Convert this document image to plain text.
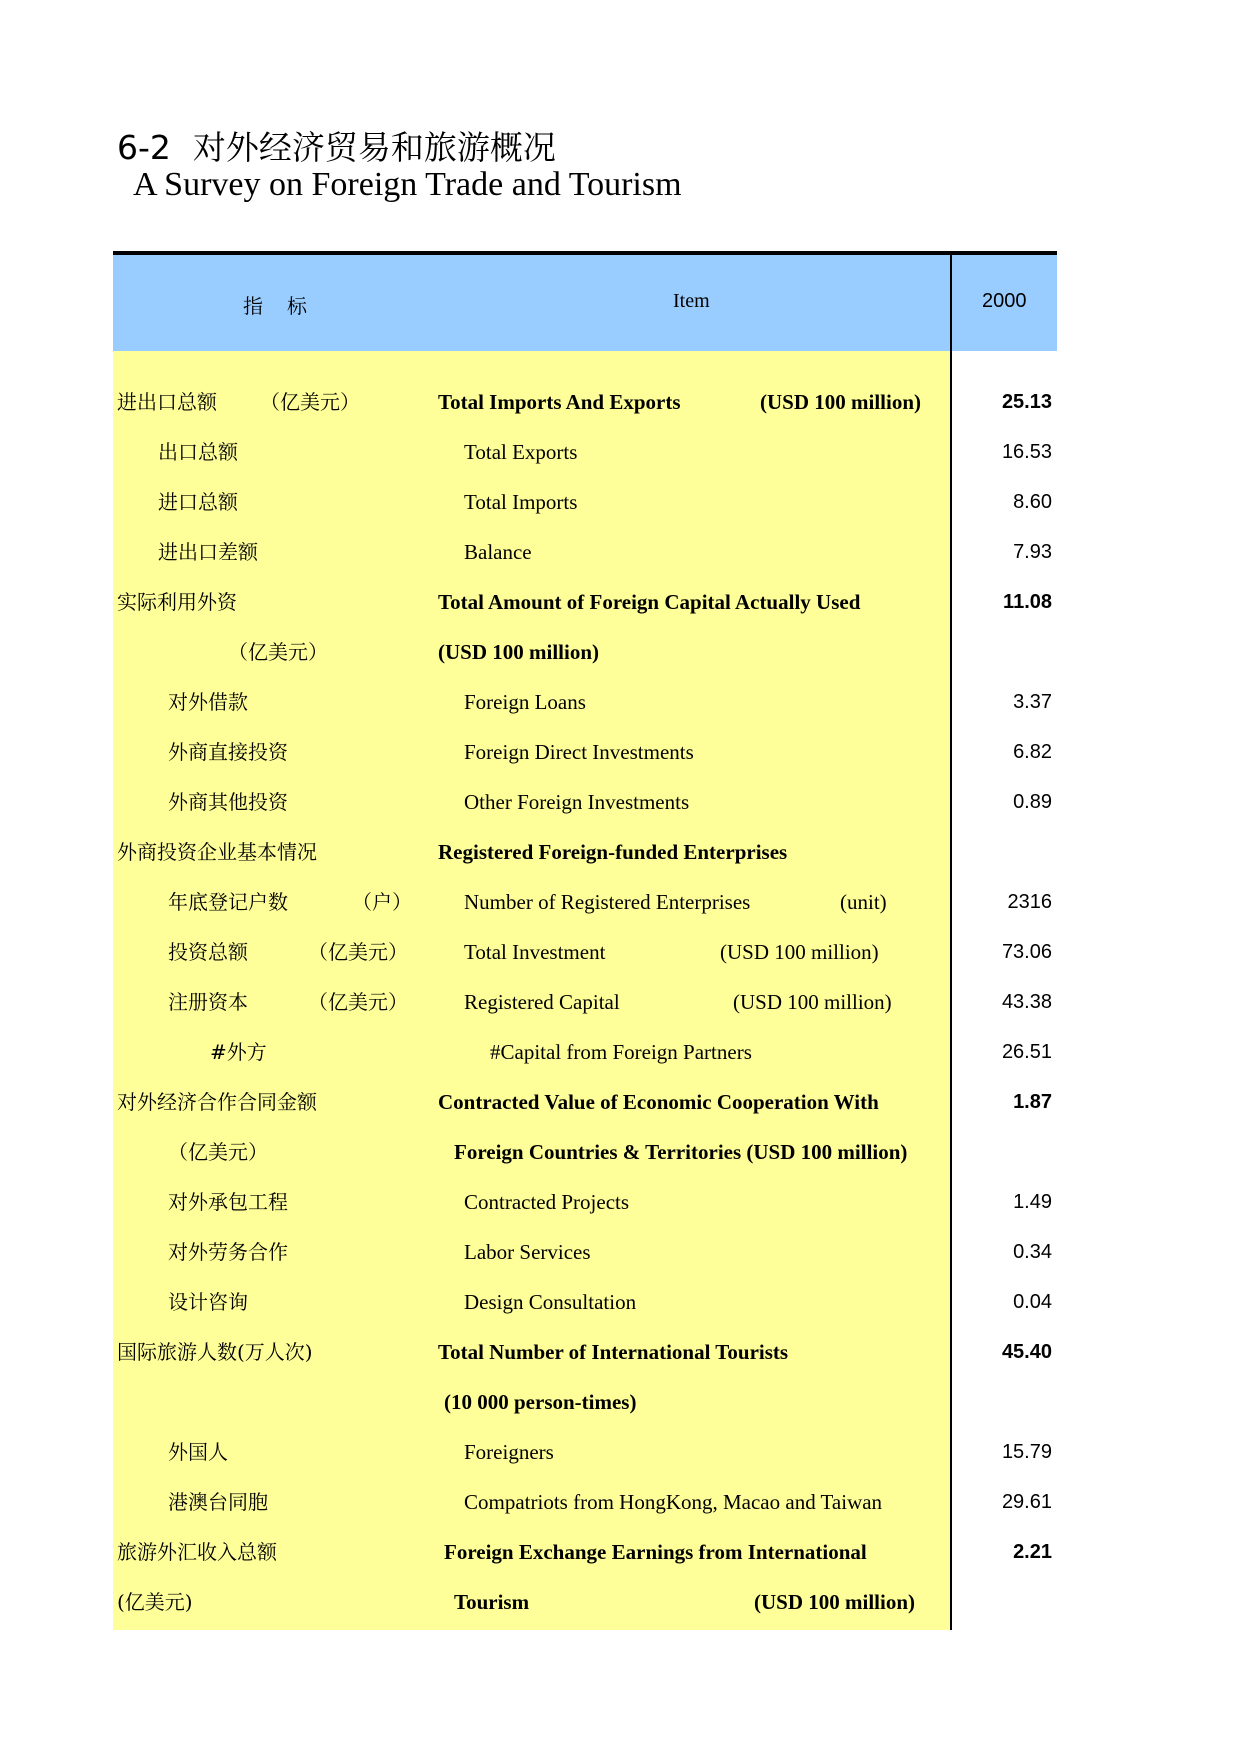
6-2 对外经济贸易和旅游概况
A Survey on Foreign Trade and Tourism
指　标	Item	2000
进出口总额 （亿美元）	Total Imports And Exports	(USD 100 million)	25.13
出口总额	Total Exports	16.53
进口总额	Total Imports	8.60
进出口差额	Balance	7.93
实际利用外资	Total Amount of Foreign Capital Actually Used	11.08
（亿美元）	(USD 100 million)
对外借款	Foreign Loans	3.37
外商直接投资	Foreign Direct Investments	6.82
外商其他投资	Other Foreign Investments	0.89
外商投资企业基本情况	Registered Foreign-funded Enterprises
年底登记户数	（户） Number of Registered Enterprises	(unit)	2316
投资总额	（亿美元）	Total Investment	(USD 100 million)	73.06
注册资本	（亿美元）	Registered Capital	(USD 100 million)	43.38
#外方	#Capital from Foreign Partners	26.51
对外经济合作合同金额	Contracted Value of Economic Cooperation With	1.87
（亿美元）	Foreign Countries & Territories (USD 100 million)
对外承包工程	Contracted Projects	1.49
对外劳务合作	Labor Services	0.34
设计咨询	Design Consultation	0.04
国际旅游人数(万人次)	Total Number of International Tourists	45.40
(10 000 person-times)
外国人	Foreigners	15.79
港澳台同胞	Compatriots from HongKong, Macao and Taiwan	29.61
旅游外汇收入总额	Foreign Exchange Earnings from International	2.21
(亿美元)	Tourism	(USD 100 million)
